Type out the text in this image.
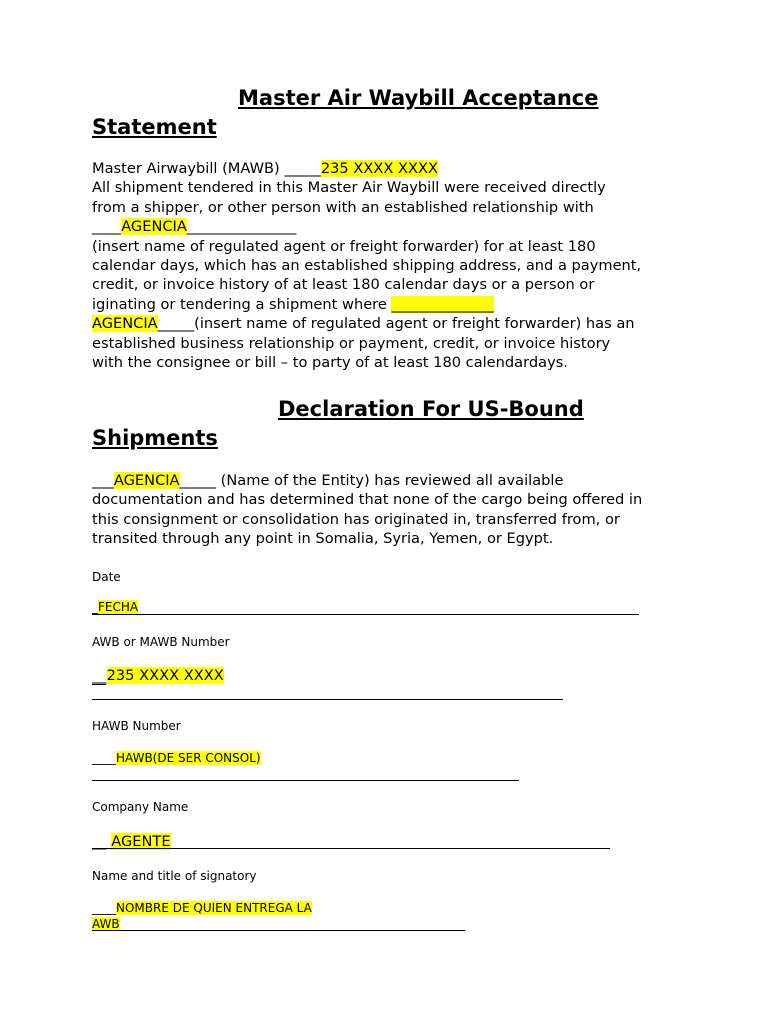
Master Air Waybill Acceptance
Statement
Master Airwaybill (MAWB) _____235 XXXX XXXX
All shipment tendered in this Master Air Waybill were received directly
from a shipper, or other person with an established relationship with
____AGENCIA_______________
(insert name of regulated agent or freight forwarder) for at least 180
calendar days, which has an established shipping address, and a payment,
credit, or invoice history of at least 180 calendar days or a person or
iginating or tendering a shipment where ______________
AGENCIA_____(insert name of regulated agent or freight forwarder) has an
established business relationship or payment, credit, or invoice history
with the consignee or bill – to party of at least 180 calendardays.
Declaration For US-Bound
Shipments
___AGENCIA_____ (Name of the Entity) has reviewed all available
documentation and has determined that none of the cargo being offered in
this consignment or consolidation has originated in, transferred from, or
transited through any point in Somalia, Syria, Yemen, or Egypt.
Date
_FECHA
AWB or MAWB Number
__235 XXXX XXXX
HAWB Number
____HAWB(DE SER CONSOL)
Company Name
__ AGENTE
Name and title of signatory
____NOMBRE DE QUIEN ENTREGA LA
AWB
